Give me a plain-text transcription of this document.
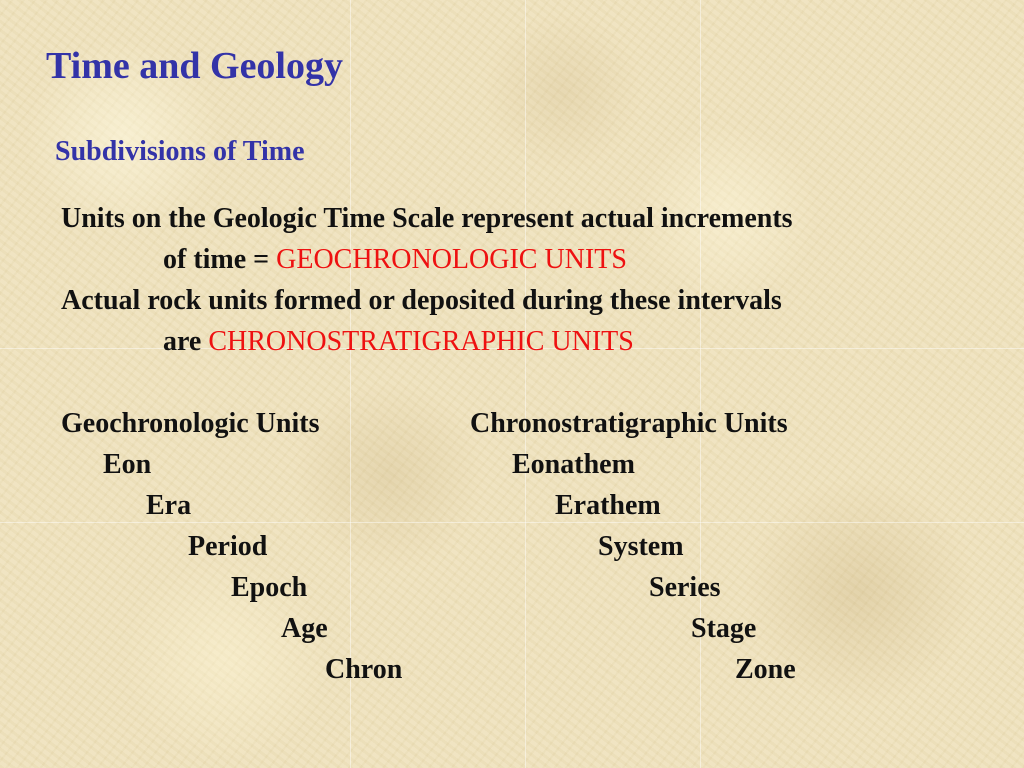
Time and Geology
Subdivisions of Time
Units on the Geologic Time Scale represent actual increments
of time = GEOCHRONOLOGIC UNITS
Actual rock units formed or deposited during these intervals
are CHRONOSTRATIGRAPHIC UNITS
Geochronologic Units	Chronostratigraphic Units
Eon
Era
Period
Epoch
Age
Chron
Eonathem
Erathem
System
Series
Stage
Zone
